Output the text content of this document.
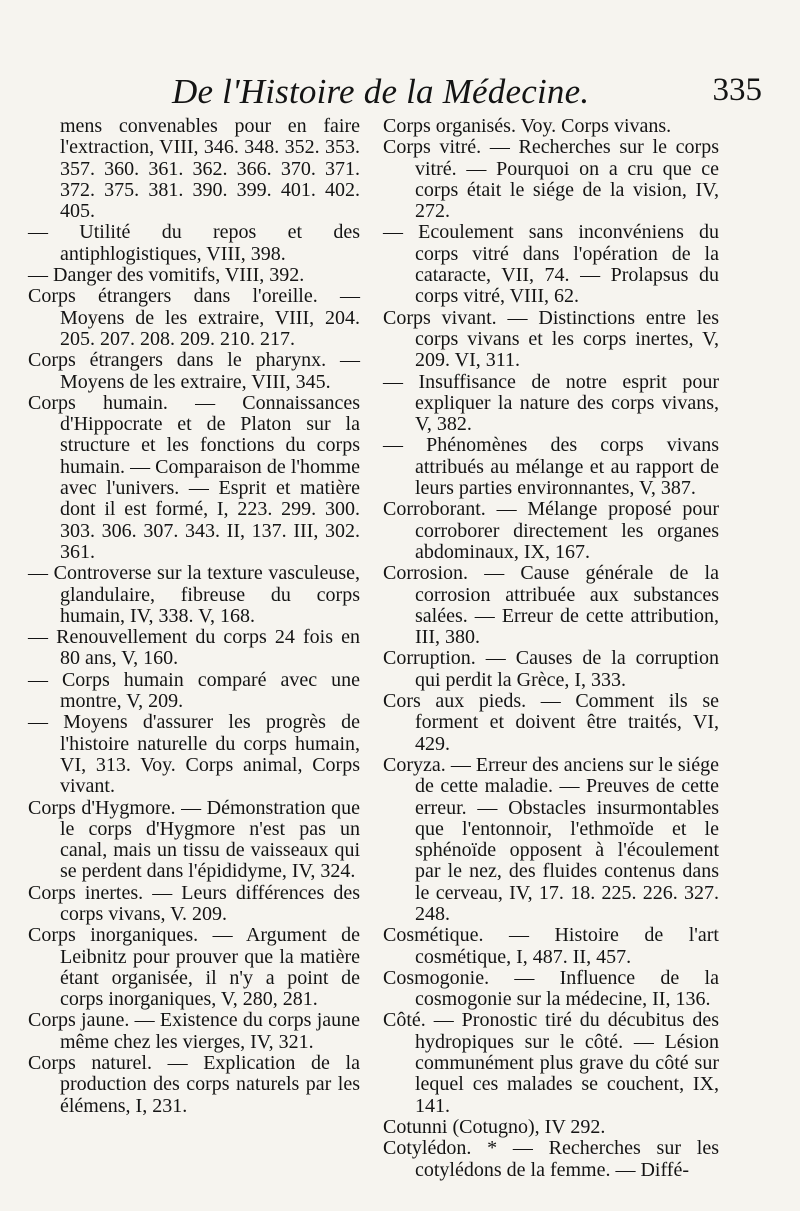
De l'Histoire de la Médecine.	335

mens convenables pour en faire l'extraction, VIII, 346. 348. 352. 353. 357. 360. 361. 362. 366. 370. 371. 372. 375. 381. 390. 399. 401. 402. 405.

— Utilité du repos et des antiphlogistiques, VIII, 398.

— Danger des vomitifs, VIII, 392.

Corps étrangers dans l'oreille. — Moyens de les extraire, VIII, 204. 205. 207. 208. 209. 210. 217.

Corps étrangers dans le pharynx. — Moyens de les extraire, VIII, 345.

Corps humain. — Connaissances d'Hippocrate et de Platon sur la structure et les fonctions du corps humain. — Comparaison de l'homme avec l'univers. — Esprit et matière dont il est formé, I, 223. 299. 300. 303. 306. 307. 343. II, 137. III, 302. 361.

— Controverse sur la texture vasculeuse, glandulaire, fibreuse du corps humain, IV, 338. V, 168.

— Renouvellement du corps 24 fois en 80 ans, V, 160.

— Corps humain comparé avec une montre, V, 209.

— Moyens d'assurer les progrès de l'histoire naturelle du corps humain, VI, 313. Voy. Corps animal, Corps vivant.

Corps d'Hygmore. — Démonstration que le corps d'Hygmore n'est pas un canal, mais un tissu de vaisseaux qui se perdent dans l'épididyme, IV, 324.

Corps inertes. — Leurs différences des corps vivans, V. 209.

Corps inorganiques. — Argument de Leibnitz pour prouver que la matière étant organisée, il n'y a point de corps inorganiques, V, 280, 281.

Corps jaune. — Existence du corps jaune même chez les vierges, IV, 321.

Corps naturel. — Explication de la production des corps naturels par les élémens, I, 231.

Corps organisés. Voy. Corps vivans.

Corps vitré. — Recherches sur le corps vitré. — Pourquoi on a cru que ce corps était le siége de la vision, IV, 272.

— Ecoulement sans inconvéniens du corps vitré dans l'opération de la cataracte, VII, 74. — Prolapsus du corps vitré, VIII, 62.

Corps vivant. — Distinctions entre les corps vivans et les corps inertes, V, 209. VI, 311.

— Insuffisance de notre esprit pour expliquer la nature des corps vivans, V, 382.

— Phénomènes des corps vivans attribués au mélange et au rapport de leurs parties environnantes, V, 387.

Corroborant. — Mélange proposé pour corroborer directement les organes abdominaux, IX, 167.

Corrosion. — Cause générale de la corrosion attribuée aux substances salées. — Erreur de cette attribution, III, 380.

Corruption. — Causes de la corruption qui perdit la Grèce, I, 333.

Cors aux pieds. — Comment ils se forment et doivent être traités, VI, 429.

Coryza. — Erreur des anciens sur le siége de cette maladie. — Preuves de cette erreur. — Obstacles insurmontables que l'entonnoir, l'ethmoïde et le sphénoïde opposent à l'écoulement par le nez, des fluides contenus dans le cerveau, IV, 17. 18. 225. 226. 327. 248.

Cosmétique. — Histoire de l'art cosmétique, I, 487. II, 457.

Cosmogonie. — Influence de la cosmogonie sur la médecine, II, 136.

Côté. — Pronostic tiré du décubitus des hydropiques sur le côté. — Lésion communément plus grave du côté sur lequel ces malades se couchent, IX, 141.

Cotunni (Cotugno), IV 292.

Cotylédon. * — Recherches sur les cotylédons de la femme. — Diffé-
